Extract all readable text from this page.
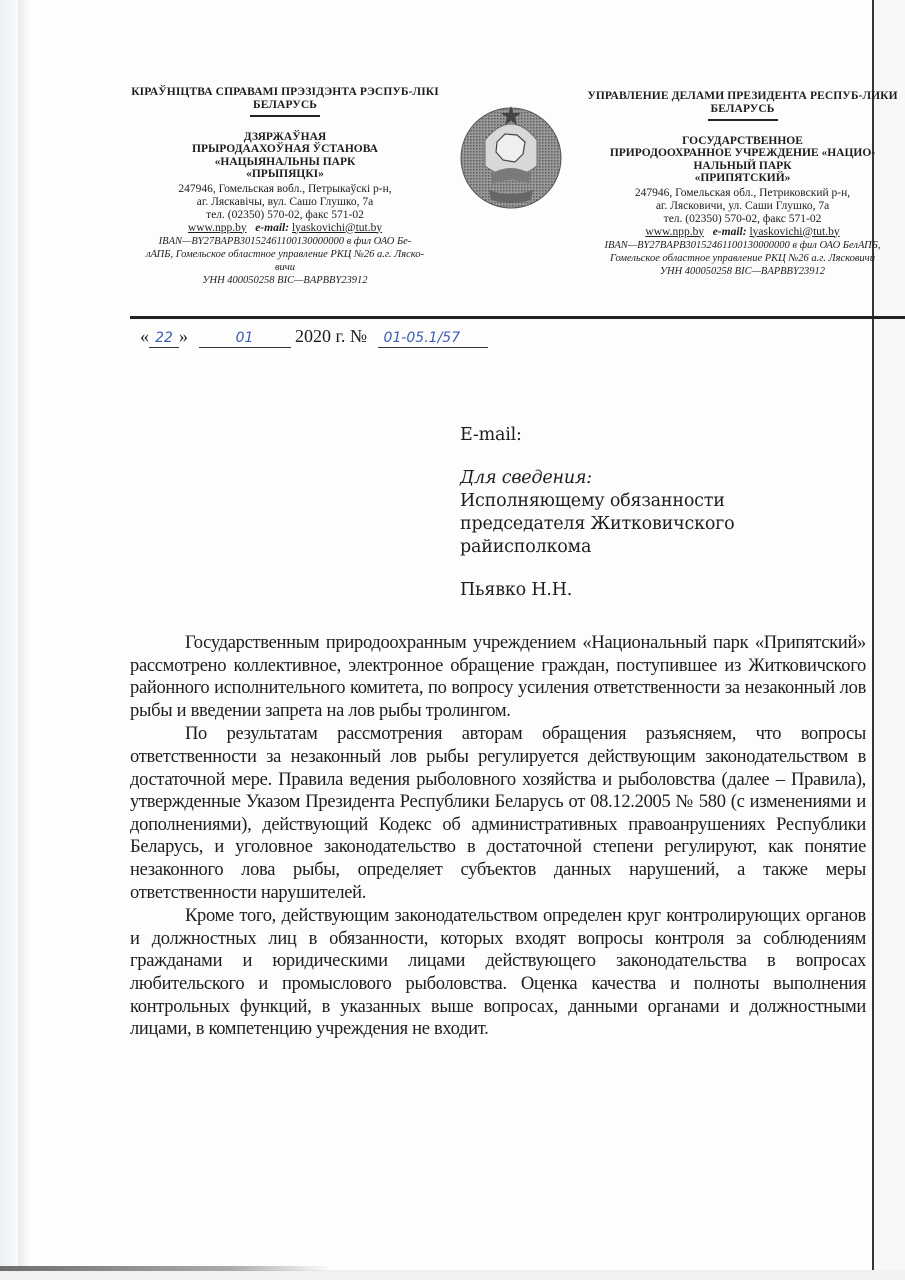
КІРАЎНІЦТВА СПРАВАМІ ПРЭЗІДЭНТА РЭСПУБ-ЛІКІ БЕЛАРУСЬ
ДЗЯРЖАЎНАЯ
ПРЫРОДААХОЎНАЯ ЎСТАНОВА
«НАЦЫЯНАЛЬНЫ ПАРК
«ПРЫПЯЦКІ»
247946, Гомельская вобл., Петрыкаўскі р-н,
аг. Ляскавічы, вул. Сашо Глушко, 7а
тел. (02350) 570-02, факс 571-02
www.npp.by e-mail: lyaskovichi@tut.by
IBAN—BY27BAPB30152461100130000000 в фил ОАО Бе-
лАПБ, Гомельское областное управление РКЦ №26 а.г. Ляско-
вичи
УНН 400050258 BIC—BAPBBY23912
УПРАВЛЕНИЕ ДЕЛАМИ ПРЕЗИДЕНТА РЕСПУБ-ЛИКИ БЕЛАРУСЬ
ГОСУДАРСТВЕННОЕ
ПРИРОДООХРАННОЕ УЧРЕЖДЕНИЕ «НАЦИО-
НАЛЬНЫЙ ПАРК
«ПРИПЯТСКИЙ»
247946, Гомельская обл., Петриковский р-н,
аг. Лясковичи, ул. Саши Глушко, 7а
тел. (02350) 570-02, факс 571-02
www.npp.by e-mail: lyaskovichi@tut.by
IBAN—BY27BAPB30152461100130000000 в фил ОАО БелАПБ,
Гомельское областное управление РКЦ №26 а.г. Лясковичи
УНН 400050258 BIC—BAPBBY23912
« 22 »	01 2020 г. № 01-05.1/57
E-mail:
Для сведения:
Исполняющему обязанности
председателя Житковичского
райисполкома
Пьявко Н.Н.

Государственным природоохранным учреждением «Национальный парк «Припятский» рассмотрено коллективное, электронное обращение граждан, поступившее из Житковичского районного исполнительного комитета, по вопросу усиления ответственности за незаконный лов рыбы и введении запрета на лов рыбы тролингом.

По результатам рассмотрения авторам обращения разъясняем, что вопросы ответственности за незаконный лов рыбы регулируется действующим законодательством в достаточной мере. Правила ведения рыболовного хозяйства и рыболовства (далее – Правила), утвержденные Указом Президента Республики Беларусь от 08.12.2005 № 580 (с изменениями и дополнениями), действующий Кодекс об административных правоанрушениях Республики Беларусь, и уголовное законодательство в достаточной степени регулируют, как понятие незаконного лова рыбы, определяет субъектов данных нарушений, а также меры ответственности нарушителей.

Кроме того, действующим законодательством определен круг контролирующих органов и должностных лиц в обязанности, которых входят вопросы контроля за соблюдениям гражданами и юридическими лицами действующего законодательства в вопросах любительского и промыслового рыболовства. Оценка качества и полноты выполнения контрольных функций, в указанных выше вопросах, данными органами и должностными лицами, в компетенцию учреждения не входит.
